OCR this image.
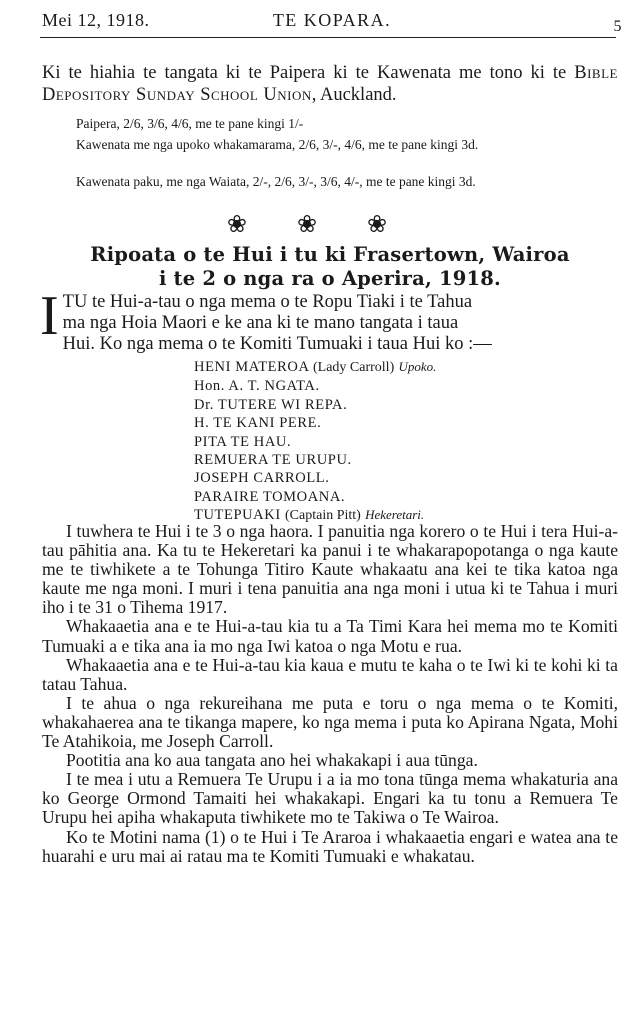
Mei 12, 1918.	TE KOPARA.	5
Ki te hiahia te tangata ki te Paipera ki te Kawenata me tono ki te Bible Depository Sunday School Union, Auckland.
Paipera, 2/6, 3/6, 4/6, me te pane kingi 1/-
Kawenata me nga upoko whakamarama, 2/6, 3/-, 4/6, me te pane kingi 3d.
Kawenata paku, me nga Waiata, 2/-, 2/6, 3/-, 3/6, 4/-, me te pane kingi 3d.
❀ ❀ ❀
Ripoata o te Hui i tu ki Frasertown, Wairoa
i te 2 o nga ra o Aperira, 1918.
I TU te Hui-a-tau o nga mema o te Ropu Tiaki i te Tahua
ma nga Hoia Maori e ke ana ki te mano tangata i taua
Hui. Ko nga mema o te Komiti Tumuaki i taua Hui ko :—
HENI MATEROA (Lady Carroll) Upoko.
Hon. A. T. NGATA.
Dr. TUTERE WI REPA.
H. TE KANI PERE.
PITA TE HAU.
REMUERA TE URUPU.
JOSEPH CARROLL.
PARAIRE TOMOANA.
TUTEPUAKI (Captain Pitt) Hekeretari.

I tuwhera te Hui i te 3 o nga haora. I panuitia nga korero o te Hui i tera Hui-a-tau pāhitia ana. Ka tu te Hekeretari ka panui i te whakarapopotanga o nga kaute me te tiwhikete a te Tohunga Titiro Kaute whakaatu ana kei te tika katoa nga kaute me nga moni. I muri i tena panuitia ana nga moni i utua ki te Tahua i muri iho i te 31 o Tihema 1917.

Whakaaetia ana e te Hui-a-tau kia tu a Ta Timi Kara hei mema mo te Komiti Tumuaki a e tika ana ia mo nga Iwi katoa o nga Motu e rua.

Whakaaetia ana e te Hui-a-tau kia kaua e mutu te kaha o te Iwi ki te kohi ki ta tatau Tahua.

I te ahua o nga rekureihana me puta e toru o nga mema o te Komiti, whakahaerea ana te tikanga mapere, ko nga mema i puta ko Apirana Ngata, Mohi Te Atahikoia, me Joseph Carroll.

Pootitia ana ko aua tangata ano hei whakakapi i aua tūnga.

I te mea i utu a Remuera Te Urupu i a ia mo tona tūnga mema whakaturia ana ko George Ormond Tamaiti hei whakakapi. Engari ka tu tonu a Remuera Te Urupu hei apiha whakaputa tiwhikete mo te Takiwa o Te Wairoa.

Ko te Motini nama (1) o te Hui i Te Araroa i whakaaetia engari e watea ana te huarahi e uru mai ai ratau ma te Komiti Tumuaki e whakatau.
